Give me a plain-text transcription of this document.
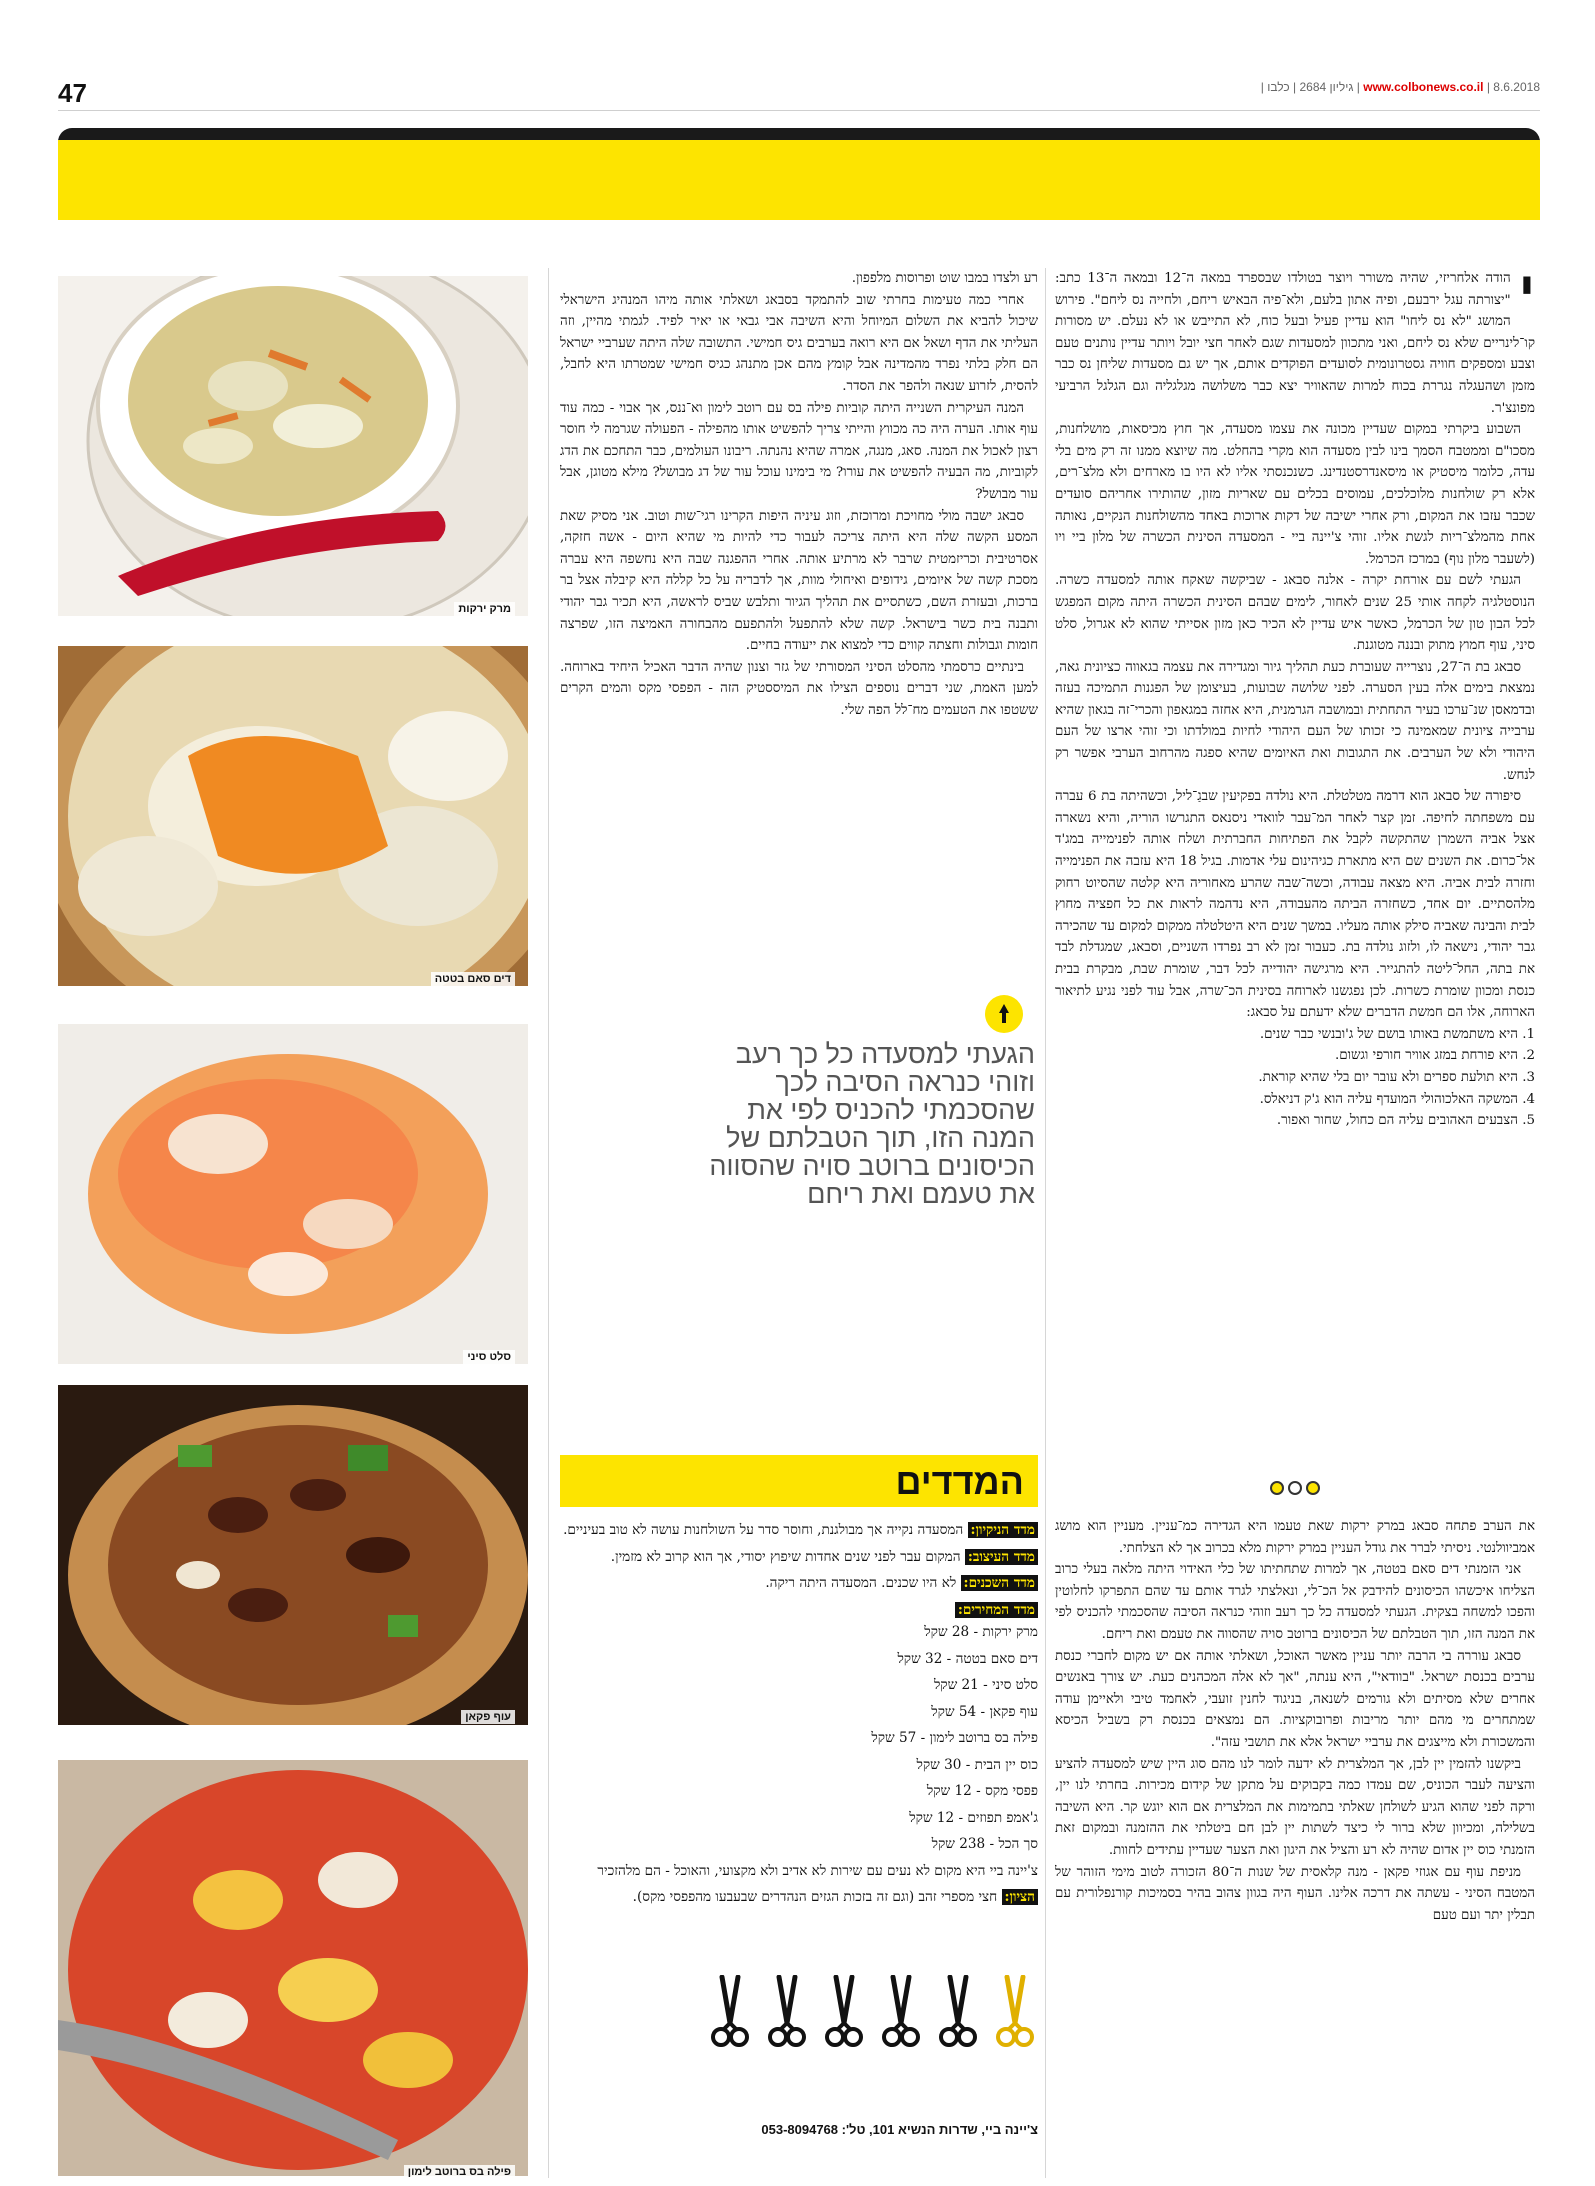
47	www.colbonews.co.il | 8.6.2018 | גיליון 2684 | כלבו |
י

הודה אלחריזי, שהיה משורר ויוצר בטולדו שבספרד במאה ה־12 ובמאה ה־13 כתב: "יצורתה עגל ירבעם, ופיה אתון בלעם, ולא־פיה הבאיש ריחם, ולחייה נס ליחם". פירוש המושג "לא נס ליחו" הוא עדיין פעיל ובעל כוח, לא התייבש או לא נעלם. יש מסורות קו־לינריים שלא נס ליחם, ואני מתכוון למסעדות שגם לאחר חצי יובל ויותר עדיין נותנים טעם וצבע ומספקים חוויה גסטרונומית לסועדים הפוקדים אותם, אך יש גם מסעדות שליחן נס כבר מזמן ושהעגלה נגררת בכוח למרות שהאוויר יצא כבר משלושה מגלגליה וגם הגלגל הרביעי מפונצ'ר.

השבוע ביקרתי במקום שעדיין מכונה את עצמו מסעדה, אך חוץ מכיסאות, מושלחנות, מסכו"ם וממטבח הסמך בינו לבין מסעדה הוא מקרי בהחלט. מה שיוצא ממנו זה רק מים בלי עדה, כלומר מיסטיק או מיסאנדרסטנדינג. כשנכנסתי אליו לא היו בו מארחים ולא מלצ־רים, אלא רק שולחנות מלוכלכים, עמוסים בכלים עם שאריות מזון, שהותירו אחריהם סועדים שכבר עזבו את המקום, ורק אחרי ישיבה של דקות ארוכות באחד מהשולחנות הנקיים, נאותה אחת מהמלצ־ריות לגשת אליו. זוהי צ'יינה ביי - המסעדה הסינית הכשרה של מלון ביי ויו (לשעבר מלון נוף) במרכז הכרמל.

הגעתי לשם עם אורחת יקרה - אלנה סבאג - שביקשה שאקח אותה למסעדה כשרה. הנוסטלגיה לקחה אותי 25 שנים לאחור, לימים שבהם הסינית הכשרה היתה מקום המפגש לכל הבון טון של הכרמל, כאשר איש עדיין לא הכיר כאן מזון אסייתי שהוא לא אגרול, סלט סיני, עוף חמוץ מתוק ובננה מטוגנת.

סבאג בת ה־27, נוצרייה שעוברת כעת תהליך גיור ומגדירה את עצמה בגאווה כציונית גאה, נמצאת בימים אלה בעין הסערה. לפני שלושה שבועות, בעיצומן של הפגנות התמיכה בעזה ובדמאסן שנ־ערכו בעיר התחתית ובמושבה הגרמנית, היא אחזה במגאפון והכרי־זה בגאון שהיא ערבייה ציונית שמאמינה כי זכותו של העם היהודי לחיות במולדתו וכי זוהי ארצו של העם היהודי ולא של הערבים. את התגובות ואת האיומים שהיא ספגה מהרחוב הערבי אפשר רק לנחש.

סיפורה של סבאג הוא דרמה מטלטלת. היא נולדה בפקיעין שבגַ־ליל, וכשהיתה בת 6 עברה עם משפחתה לחיפה. זמן קצר לאחר המ־עבר לוואדי ניסנאס התגרשו הוריה, והיא נשארה אצל אביה השמרן שהתקשה לקבל את הפתיחות החברתית ושלח אותה לפנימייה במג'ד אל־כרום. את השנים שם היא מתארת כגיהינום עלי אדמות. בגיל 18 היא עזבה את הפנימייה וחזרה לבית אביה. היא מצאה עבודה, וכשה־שבה שהרע מאחוריה היא קלטה שהסיוט רחוק מלהסתיים. יום אחד, כשחזרה הביתה מהעבודה, היא נדהמה לראות את כל חפציה מחוץ לבית והבינה שאביה סילק אותה מעליו. במשך שנים היא היטלטלה ממקום למקום עד שהכירה גבר יהודי, נישאה לו, ולזוג נולדה בת. כעבור זמן לא רב נפרדו השניים, וסבאג, שמגדלת לבד את בתה, החל־ליטה להתגייר. היא מרגישה יהודייה לכל דבר, שומרת שבת, מבקרת בבית כנסת ומכוון שומרת כשרות. לכן נפגשנו לארוחה בסינית הכ־שרה, אבל עוד לפני נגיע לתיאור הארוחה, אלו הם חמשת הדברים שלא ידעתם על סבאג:

1. היא משתמשת באותו בושם של ג'ובנשי כבר שנים.

2. היא פורחת במזג אוויר חורפי וגשום.

3. היא תולעת ספרים ולא עובר יום בלי שהיא קוראת.

4. המשקה האלכוהולי המועדף עליה הוא ג'ק דניאלס.

5. הצבעים האהובים עליה הם כחול, שחור ואפור.

את הערב פתחה סבאג במרק ירקות שאת טעמו היא הגדירה כמ־עניין. מעניין הוא מושג אמביוולנטי. ניסיתי לברר את גודל העניין במרק ירקות מלא בכרוב אך לא הצלחתי.

אני הזמנתי דים סאם בטטה, אך למרות שתחתיתו של כלי האידוי היתה מלאה בעלי כרוב הצליחו איכשהו הכיסונים להידבק אל הכ־לי, ונאלצתי לגרד אותם עד שהם התפרקו לחלוטין והפכו למשחה בצקית. הגעתי למסעדה כל כך רעב וזוהי כנראה הסיבה שהסכמתי להכניס לפי את המנה הזו, תוך הטבלתם של הכיסונים ברוטב סויה שהסווה את טעמם ואת ריחם.

סבאג עוררה בי הרבה יותר עניין מאשר האוכל, ושאלתי אותה אם יש מקום לחברי כנסת ערבים בכנסת ישראל. "בוודאי", היא ענתה, "אך לא אלה המכהנים כעת. יש צורך באנשים אחרים שלא מסיתים ולא גורמים לשנאה, בניגוד לחנין זועבי, לאחמד טיבי ולאיימן עודה שמתחרים מי מהם יותר מריבות ופרובוקציות. הם נמצאים בכנסת רק בשביל הכיסא והמשכורת ולא מייצגים את ערביי ישראל אלא את תושבי עזה".

ביקשנו להזמין יין לבן, אך המלצרית לא ידעה לומר לנו מהם סוג היין שיש למסעדה להציע והציעה לעבר הכוניס, שם עמדו כמה בקבוקים על מתקן של קידום מכירות. בחרתי לנו יין, ורקה לפני שהוא הגיע לשולחן שאלתי בתמימות את המלצרית אם הוא יוגש קר. היא השיבה בשלילה, ומכיוון שלא ברור לי כיצד לשתות יין לבן חם ביטלתי את ההזמנה ובמקום זאת הזמנתי כוס יין אדום שהיה לא רע והציל את היגון ואת הצער שעדיין עתידים לחוות.

מניפת עוף עם אגוזי פקאן - מנה קלאסית של שנות ה־80 הזכורה לטוב מימי הזוהר של המטבח הסיני - עשתה את דרכה אלינו. העוף היה בגוון צהוב בהיר בסמיכות קורנפלורית עם תבלין יתר ועם טעם

רע ולצדו במבו שוט ופרוסות מלפפון.

אחרי כמה טעימות בחרתי שוב להתמקד בסבאג ושאלתי אותה מיהו המנהיג הישראלי שיכול להביא את השלום המיוחל והיא השיבה אבי גבאי או יאיר לפיד. לגמתי מהיין, וזה העליתי את הדף ושאל אם היא רואה בערבים גיס חמישי. התשובה שלה היתה שערביי ישראל הם חלק בלתי נפרד מהמדינה אבל קומץ מהם אכן מתנהג כגיס חמישי שמטרתו היא לחבל, להסית, לזרוע שנאה ולהפר את הסדר.

המנה העיקרית השנייה היתה קוביות פילה בס עם רוטב לימון וא־ננס, אך אבוי - כמה עוד עוף אותו. הערה היה כה מכווץ והייתי צריך להפשיט אותו מהפילה - הפעולה שגרמה לי חוסר רצון לאכול את המנה. סאג, מנגה, אמרה שהיא נהנתה. ריבונו העולמים, כבר התחכם את הדג לקוביות, מה הבעיה להפשיט את עורו? מי בימינו עוכל עור של דג מבושל? מילא מטוגן, אבל עור מבושל?

סבאג ישבה מולי מחויכת ומרוכזת, וזוג עיניה היפות הקרינו רגי־שות וטוב. אני מסיק שאת המסע הקשה שלה היא היתה צריכה לעבור כדי להיות מי שהיא היום - אשה חזקה, אסרטיבית וכריזמטית שרבר לא מרתיע אותה. אחרי ההפגנה שבה היא נחשפה היא עברה מסכת קשה של איומים, גידופים ואיחולי מוות, אך לדבריה על כל קללה היא קיבלה אצל בר ברכות, ובעזרת השם, כשתסיים את תהליך הגיור ותלבש שביס לראשה, היא תכיר גבר יהודי ותבנה בית כשר בישראל. קשה שלא להתפעל ולהתפעם מהבחורה האמיצה הזו, שפרצה חומות וגבולות וחצתה קווים כדי למצוא את ייעודה בחיים.

בינתיים כרסמתי מהסלט הסיני המסורתי של גזר וצנון שהיה הדבר האכיל היחיד בארוחה. למען האמת, שני דברים נוספים הצילו את המיססטיק הזה - הפפסי מקס והמים הקרים ששטפו את הטעמים מח־לל הפה שלי.

הגעתי למסעדה כל כך רעב וזוהי כנראה הסיבה לכך שהסכמתי להכניס לפי את המנה הזו, תוך הטבלתם של הכיסונים ברוטב סויה שהסווה את טעמם ואת ריחם
המדדים

מדד הניקיון: המסעדה נקייה אך מבולגנת, וחוסר סדר על השולחנות עושה לא טוב בעיניים.

מדד העיצוב: המקום עבר לפני שנים אחדות שיפוץ יסודי, אך הוא קרוב לא מזמין.

מדד השכנים: לא היו שכנים. המסעדה היתה ריקה.

מדד המחירים:

מרק ירקות - 28 שקל

דים סאם בטטה - 32 שקל

סלט סיני - 21 שקל

עוף פקאן - 54 שקל

פילה בס ברוטב לימון - 57 שקל

כוס יין הבית - 30 שקל

פפסי מקס - 12 שקל

ג'אמפ תפוזים - 12 שקל

סך הכל - 238 שקל

צ'יינה ביי היא מקום לא נעים עם שירות לא אדיב ולא מקצועי, והאוכל - הם מלהזכיר

הציון: חצי מספרי זהב (וגם זה בזכות הגזים הנהדרים שבעבעו מהפפסי מקס).

צ'יינה ביי, שדרות הנשיא 101, טל': 053-8094768
מרק ירקות
דים סאם בטטה
סלט סיני
עוף פקאן
פילה בס ברוטב לימון
